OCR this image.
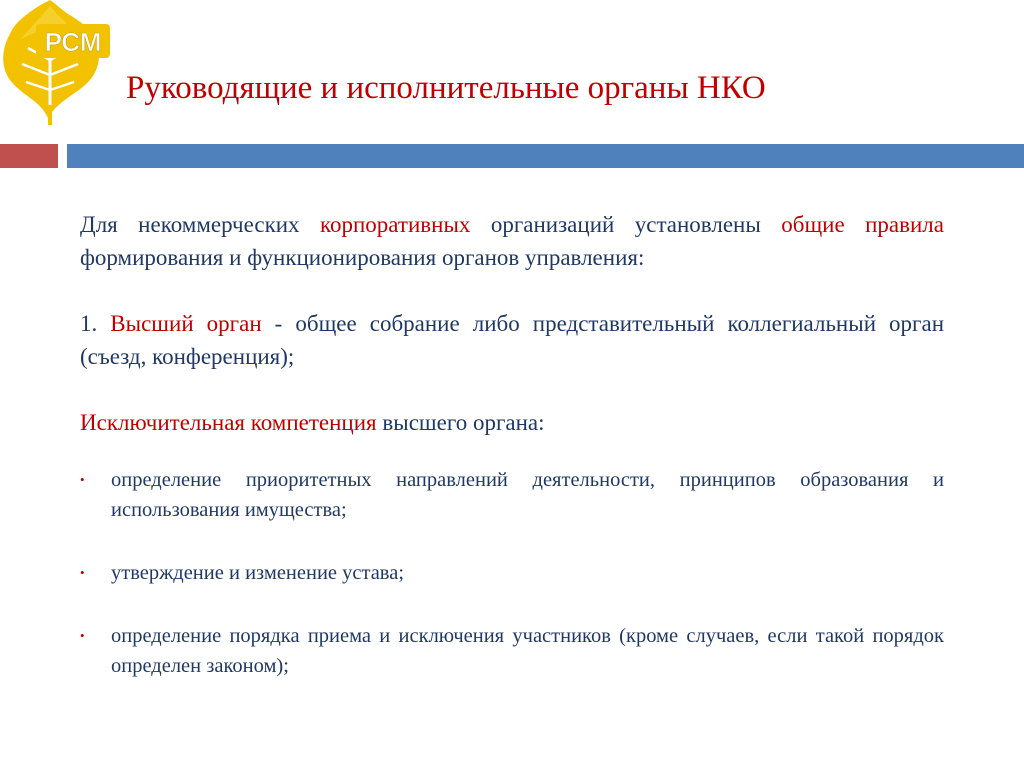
РСМ
Руководящие и исполнительные органы НКО

Для некоммерческих корпоративных организаций установлены общие правила формирования и функционирования органов управления:

1. Высший орган - общее собрание либо представительный коллегиальный орган (съезд, конференция);

Исключительная компетенция высшего органа:

• определение приоритетных направлений деятельности, принципов образования и использования имущества;
• утверждение и изменение устава;
• определение порядка приема и исключения участников (кроме случаев, если такой порядок определен законом);
